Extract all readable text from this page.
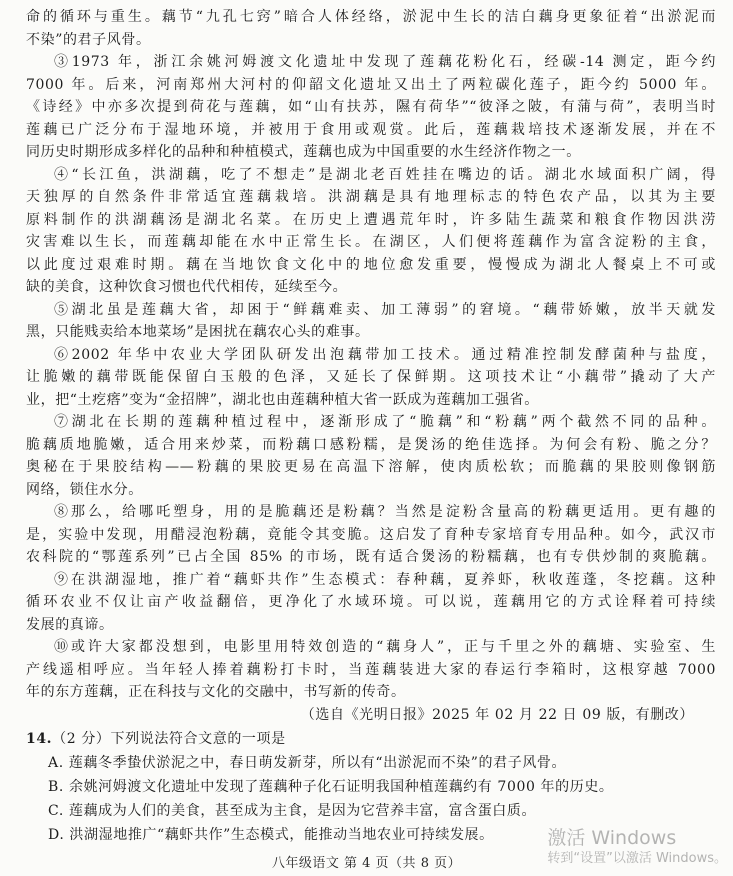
命的循环与重生。藕节“九孔七窍”暗合人体经络，淤泥中生长的洁白藕身更象征着“出淤泥而

不染”的君子风骨。

③1973 年，浙江余姚河姆渡文化遗址中发现了莲藕花粉化石，经碳-14 测定，距今约

7000 年。后来，河南郑州大河村的仰韶文化遗址又出土了两粒碳化莲子，距今约 5000 年。

《诗经》中亦多次提到荷花与莲藕，如“山有扶苏，隰有荷华”“彼泽之陂，有蒲与荷”，表明当时

莲藕已广泛分布于湿地环境，并被用于食用或观赏。此后，莲藕栽培技术逐渐发展，并在不

同历史时期形成多样化的品种和种植模式，莲藕也成为中国重要的水生经济作物之一。

④“长江鱼，洪湖藕，吃了不想走”是湖北老百姓挂在嘴边的话。湖北水域面积广阔，得

天独厚的自然条件非常适宜莲藕栽培。洪湖藕是具有地理标志的特色农产品，以其为主要

原料制作的洪湖藕汤是湖北名菜。在历史上遭遇荒年时，许多陆生蔬菜和粮食作物因洪涝

灾害难以生长，而莲藕却能在水中正常生长。在湖区，人们便将莲藕作为富含淀粉的主食，

以此度过艰难时期。藕在当地饮食文化中的地位愈发重要，慢慢成为湖北人餐桌上不可或

缺的美食，这种饮食习惯也代代相传，延续至今。

⑤湖北虽是莲藕大省，却困于“鲜藕难卖、加工薄弱”的窘境。“藕带娇嫩，放半天就发

黑，只能贱卖给本地菜场”是困扰在藕农心头的难事。

⑥2002 年华中农业大学团队研发出泡藕带加工技术。通过精准控制发酵菌种与盐度，

让脆嫩的藕带既能保留白玉般的色泽，又延长了保鲜期。这项技术让“小藕带”撬动了大产

业，把“土疙瘩”变为“金招牌”，湖北也由莲藕种植大省一跃成为莲藕加工强省。

⑦湖北在长期的莲藕种植过程中，逐渐形成了“脆藕”和“粉藕”两个截然不同的品种。

脆藕质地脆嫩，适合用来炒菜，而粉藕口感粉糯，是煲汤的绝佳选择。为何会有粉、脆之分？

奥秘在于果胶结构——粉藕的果胶更易在高温下溶解，使肉质松软；而脆藕的果胶则像钢筋

网络，锁住水分。

⑧那么，给哪吒塑身，用的是脆藕还是粉藕？当然是淀粉含量高的粉藕更适用。更有趣的

是，实验中发现，用醋浸泡粉藕，竟能令其变脆。这启发了育种专家培育专用品种。如今，武汉市

农科院的“鄂莲系列”已占全国 85% 的市场，既有适合煲汤的粉糯藕，也有专供炒制的爽脆藕。

⑨在洪湖湿地，推广着“藕虾共作”生态模式：春种藕，夏养虾，秋收莲蓬，冬挖藕。这种

循环农业不仅让亩产收益翻倍，更净化了水域环境。可以说，莲藕用它的方式诠释着可持续

发展的真谛。

⑩或许大家都没想到，电影里用特效创造的“藕身人”，正与千里之外的藕塘、实验室、生

产线遥相呼应。当年轻人捧着藕粉打卡时，当莲藕装进大家的春运行李箱时，这根穿越 7000

年的东方莲藕，正在科技与文化的交融中，书写新的传奇。

（选自《光明日报》2025 年 02 月 22 日 09 版，有删改）
14.（2 分）下列说法符合文意的一项是
A. 莲藕冬季蛰伏淤泥之中，春日萌发新芽，所以有“出淤泥而不染”的君子风骨。
B. 余姚河姆渡文化遗址中发现了莲藕种子化石证明我国种植莲藕约有 7000 年的历史。
C. 莲藕成为人们的美食，甚至成为主食，是因为它营养丰富，富含蛋白质。
D. 洪湖湿地推广“藕虾共作”生态模式，能推动当地农业可持续发展。
八年级语文 第 4 页（共 8 页）
激活 Windows
转到“设置”以激活 Windows。
